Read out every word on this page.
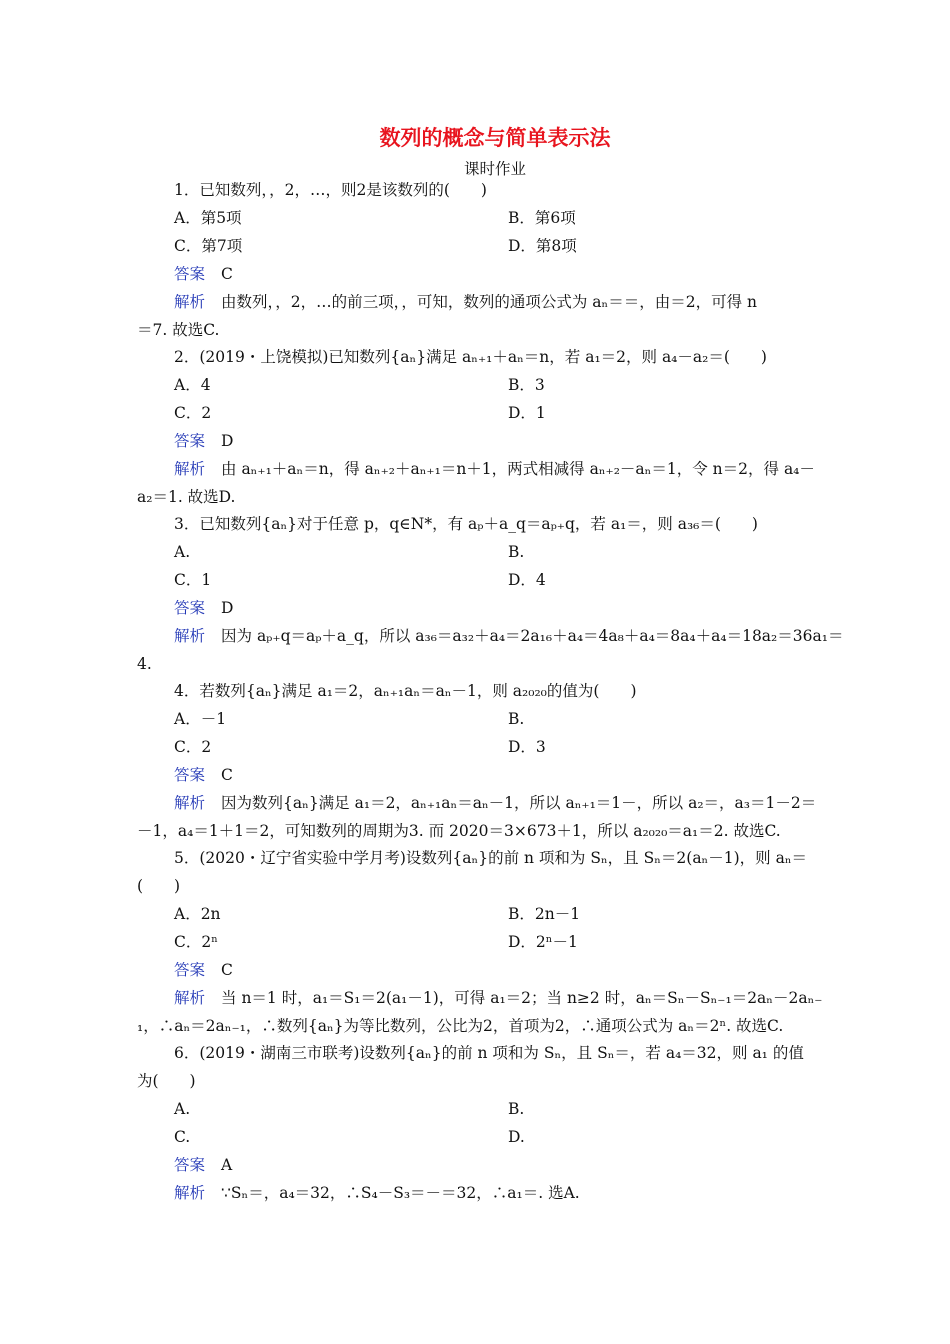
数列的概念与简单表示法
课时作业
1．已知数列，，2，…，则2是该数列的(　　)
A．第5项	B．第6项
C．第7项	D．第8项
答案 C
解析 由数列，，2，…的前三项，，可知，数列的通项公式为 aₙ＝＝，由＝2，可得 n
＝7. 故选C.
2．(2019・上饶模拟)已知数列{aₙ}满足 aₙ₊₁＋aₙ＝n，若 a₁＝2，则 a₄－a₂＝(　　)
A．4	B．3
C．2	D．1
答案 D
解析 由 aₙ₊₁＋aₙ＝n，得 aₙ₊₂＋aₙ₊₁＝n＋1，两式相减得 aₙ₊₂－aₙ＝1，令 n＝2，得 a₄－
a₂＝1. 故选D.
3．已知数列{aₙ}对于任意 p，q∈N*，有 aₚ＋a_q＝aₚ₊q，若 a₁＝，则 a₃₆＝(　　)
A.	B.
C．1	D．4
答案 D
解析 因为 aₚ₊q＝aₚ＋a_q，所以 a₃₆＝a₃₂＋a₄＝2a₁₆＋a₄＝4a₈＋a₄＝8a₄＋a₄＝18a₂＝36a₁＝
4.
4．若数列{aₙ}满足 a₁＝2，aₙ₊₁aₙ＝aₙ－1，则 a₂₀₂₀的值为(　　)
A．－1	B.
C．2	D．3
答案 C
解析 因为数列{aₙ}满足 a₁＝2，aₙ₊₁aₙ＝aₙ－1，所以 aₙ₊₁＝1－，所以 a₂＝，a₃＝1－2＝
－1，a₄＝1＋1＝2，可知数列的周期为3. 而 2020＝3×673＋1，所以 a₂₀₂₀＝a₁＝2. 故选C.
5．(2020・辽宁省实验中学月考)设数列{aₙ}的前 n 项和为 Sₙ，且 Sₙ＝2(aₙ－1)，则 aₙ＝
(　　)
A．2n	B．2n－1
C．2ⁿ	D．2ⁿ－1
答案 C
解析 当 n＝1 时，a₁＝S₁＝2(a₁－1)，可得 a₁＝2；当 n≥2 时，aₙ＝Sₙ－Sₙ₋₁＝2aₙ－2aₙ₋
₁，∴aₙ＝2aₙ₋₁，∴数列{aₙ}为等比数列，公比为2，首项为2，∴通项公式为 aₙ＝2ⁿ. 故选C.
6．(2019・湖南三市联考)设数列{aₙ}的前 n 项和为 Sₙ，且 Sₙ＝，若 a₄＝32，则 a₁ 的值
为(　　)
A.	B.
C.	D.
答案 A
解析 ∵Sₙ＝，a₄＝32，∴S₄－S₃＝－＝32，∴a₁＝. 选A.
